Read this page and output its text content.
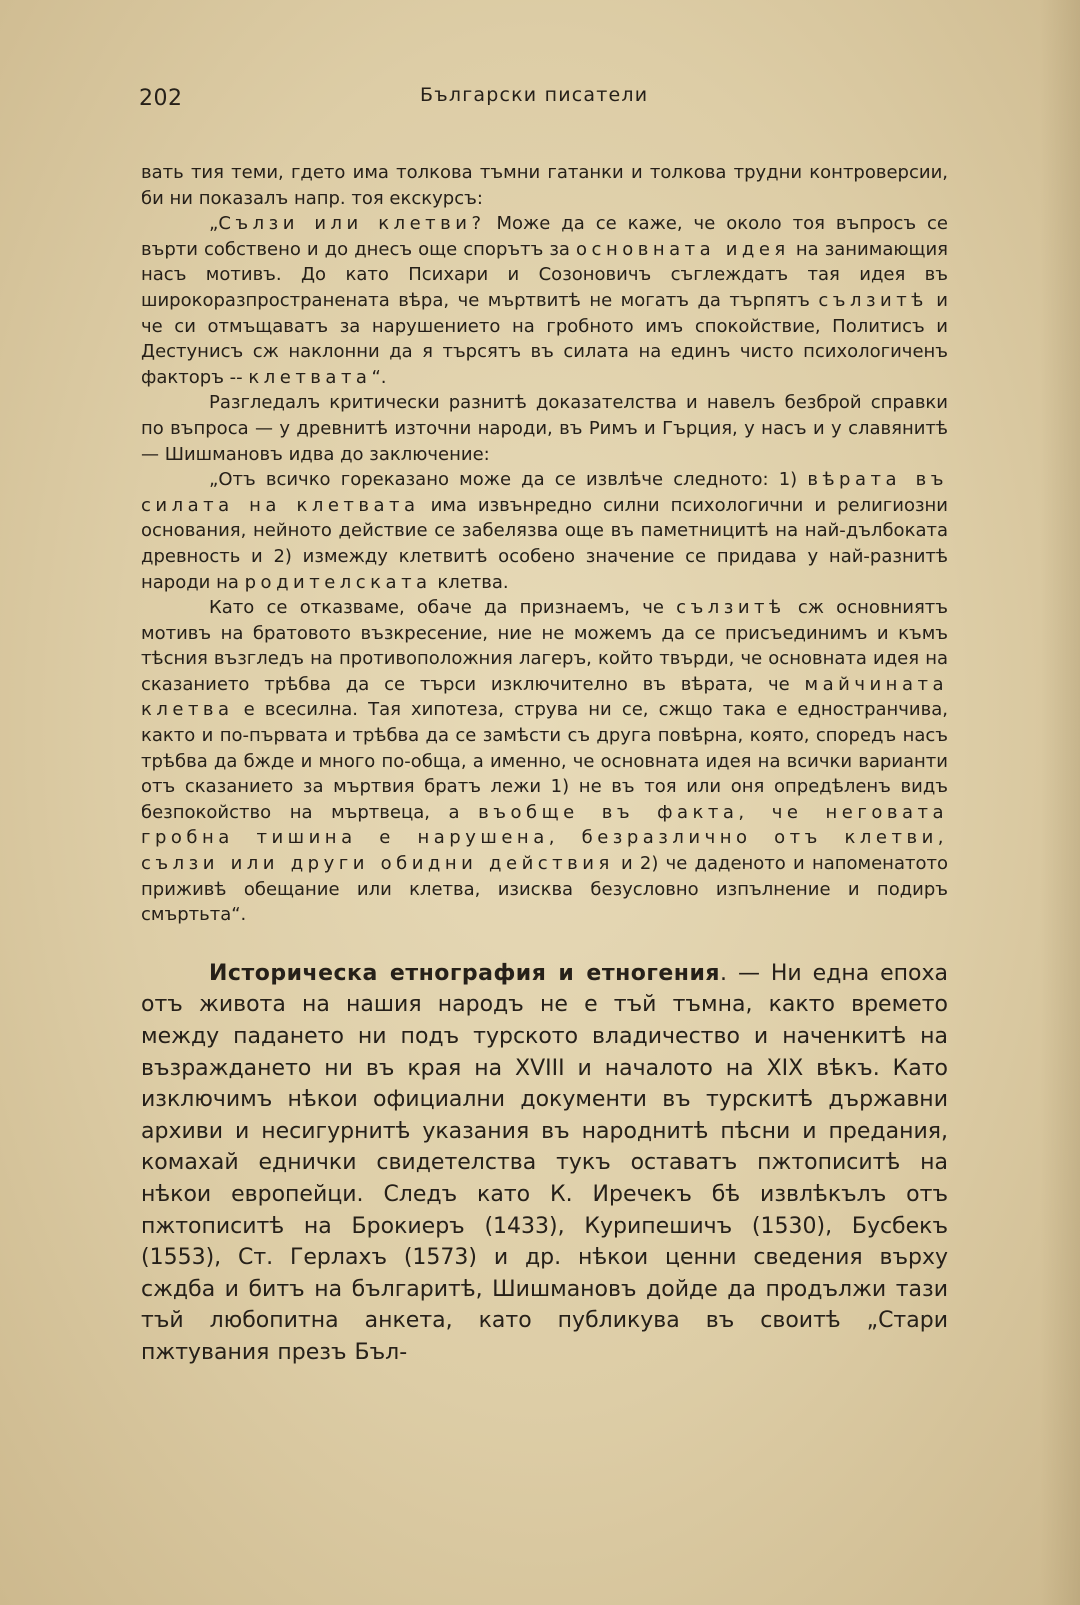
202	Български писатели

вать тия теми, гдето има толкова тъмни гатанки и толкова трудни контроверсии, би ни показалъ напр. тоя екскурсъ:

„Сълзи или клетви? Може да се каже, че около тоя въпросъ се върти собствено и до днесъ още спорътъ за основната идея на занимающия насъ мотивъ. До като Психари и Созоновичъ съглеждатъ тая идея въ широкоразпространената вѣра, че мъртвитѣ не могатъ да търпятъ сълзитѣ и че си отмъщаватъ за нарушението на гробното имъ спокойствие, Политисъ и Дестунисъ сж наклонни да я търсятъ въ силата на единъ чисто психологиченъ факторъ -- клетвата“.

Разгледалъ критически разнитѣ доказателства и навелъ безброй справки по въпроса — у древнитѣ източни народи, въ Римъ и Гърция, у насъ и у славянитѣ — Шишмановъ идва до заключение:

„Отъ всичко гореказано може да се извлѣче следното: 1) вѣрата въ силата на клетвата има извънредно силни психологични и религиозни основания, нейното действие се забелязва още въ паметницитѣ на най-дълбоката древность и 2) измежду клетвитѣ особено значение се придава у най-разнитѣ народи на родителската клетва.

Като се отказваме, обаче да признаемъ, че сълзитѣ сж основниятъ мотивъ на братовото възкресение, ние не можемъ да се присъединимъ и къмъ тѣсния възгледъ на противоположния лагеръ, който твърди, че основната идея на сказанието трѣбва да се търси изключително въ вѣрата, че майчината клетва е всесилна. Тая хипотеза, струва ни се, сжщо така е едностранчива, както и по-първата и трѣбва да се замѣсти съ друга повѣрна, която, споредъ насъ трѣбва да бжде и много по-обща, а именно, че основната идея на всички варианти отъ сказанието за мъртвия братъ лежи 1) не въ тоя или оня опредѣленъ видъ безпокойство на мъртвеца, а въобще въ факта, че неговата гробна тишина е нарушена, безразлично отъ клетви, сълзи или други обидни действия и 2) че даденото и напоменатото приживѣ обещание или клетва, изисква безусловно изпълнение и подиръ смъртьта“.

Историческа етнография и етногения. — Ни една епоха отъ живота на нашия народъ не е тъй тъмна, както времето между падането ни подъ турското владичество и наченкитѣ на възраждането ни въ края на XVIII и началото на XIX вѣкъ. Като изключимъ нѣкои официални документи въ турскитѣ държавни архиви и несигурнитѣ указания въ народнитѣ пѣсни и предания, комахай еднички свидетелства тукъ оставатъ пжтописитѣ на нѣкои европейци. Следъ като К. Иречекъ бѣ извлѣкълъ отъ пжтописитѣ на Брокиеръ (1433), Курипешичъ (1530), Бусбекъ (1553), Ст. Герлахъ (1573) и др. нѣкои ценни сведения върху сждба и битъ на българитѣ, Шишмановъ дойде да продължи тази тъй любопитна анкета, като публикува въ своитѣ „Стари пжтувания презъ Бъл-
